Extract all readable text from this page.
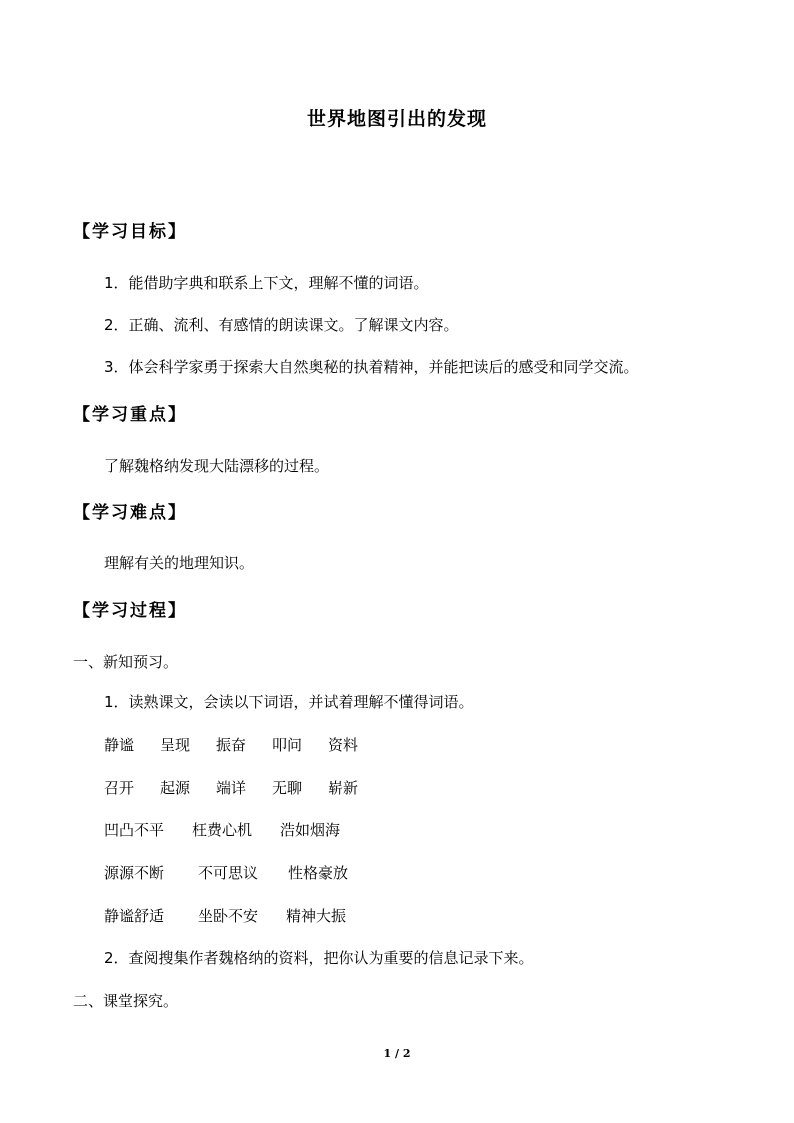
世界地图引出的发现
【学习目标】
1．能借助字典和联系上下文，理解不懂的词语。
2．正确、流利、有感情的朗读课文。了解课文内容。
3．体会科学家勇于探索大自然奥秘的执着精神，并能把读后的感受和同学交流。
【学习重点】
了解魏格纳发现大陆漂移的过程。
【学习难点】
理解有关的地理知识。
【学习过程】
一、新知预习。
1．读熟课文，会读以下词语，并试着理解不懂得词语。
静谧 呈现 振奋 叩问 资料
召开 起源 端详 无聊 崭新
凹凸不平 枉费心机 浩如烟海
源源不断 不可思议 性格豪放
静谧舒适 坐卧不安 精神大振
2．查阅搜集作者魏格纳的资料，把你认为重要的信息记录下来。
二、课堂探究。
1 / 2
